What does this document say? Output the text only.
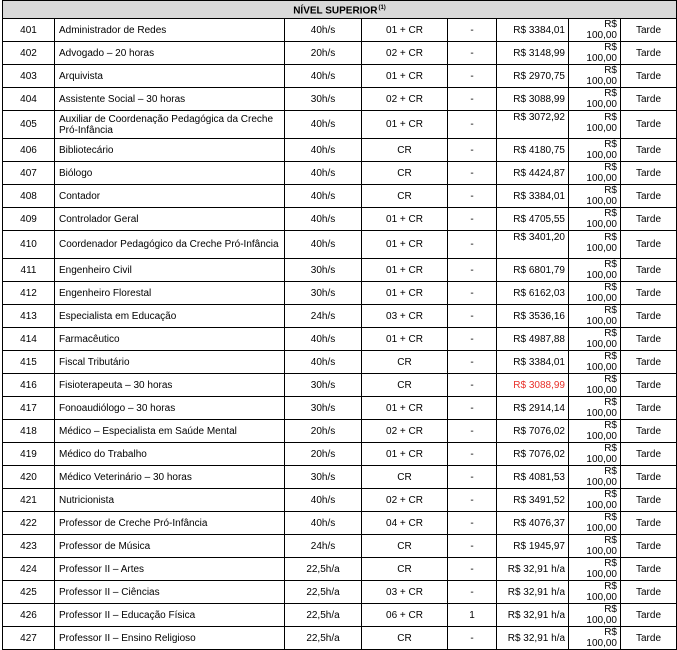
NÍVEL SUPERIOR$^{(1)}$
401	Administrador de Redes	40h/s	01 + CR	-	R$ 3384,01	R$ 100,00	Tarde
402	Advogado – 20 horas	20h/s	02 + CR	-	R$ 3148,99	R$ 100,00	Tarde
403	Arquivista	40h/s	01 + CR	-	R$ 2970,75	R$ 100,00	Tarde
404	Assistente Social – 30 horas	30h/s	02 + CR	-	R$ 3088,99	R$ 100,00	Tarde
405	Auxiliar de Coordenação Pedagógica da Creche Pró-Infância	40h/s	01 + CR	-	R$ 3072,92	R$ 100,00	Tarde
406	Bibliotecário	40h/s	CR	-	R$ 4180,75	R$ 100,00	Tarde
407	Biólogo	40h/s	CR	-	R$ 4424,87	R$ 100,00	Tarde
408	Contador	40h/s	CR	-	R$ 3384,01	R$ 100,00	Tarde
409	Controlador Geral	40h/s	01 + CR	-	R$ 4705,55	R$ 100,00	Tarde
410	Coordenador Pedagógico da Creche Pró-Infância	40h/s	01 + CR	-	R$ 3401,20	R$ 100,00	Tarde
411	Engenheiro Civil	30h/s	01 + CR	-	R$ 6801,79	R$ 100,00	Tarde
412	Engenheiro Florestal	30h/s	01 + CR	-	R$ 6162,03	R$ 100,00	Tarde
413	Especialista em Educação	24h/s	03 + CR	-	R$ 3536,16	R$ 100,00	Tarde
414	Farmacêutico	40h/s	01 + CR	-	R$ 4987,88	R$ 100,00	Tarde
415	Fiscal Tributário	40h/s	CR	-	R$ 3384,01	R$ 100,00	Tarde
416	Fisioterapeuta – 30 horas	30h/s	CR	-	R$ 3088,99	R$ 100,00	Tarde
417	Fonoaudiólogo – 30 horas	30h/s	01 + CR	-	R$ 2914,14	R$ 100,00	Tarde
418	Médico – Especialista em Saúde Mental	20h/s	02 + CR	-	R$ 7076,02	R$ 100,00	Tarde
419	Médico do Trabalho	20h/s	01 + CR	-	R$ 7076,02	R$ 100,00	Tarde
420	Médico Veterinário – 30 horas	30h/s	CR	-	R$ 4081,53	R$ 100,00	Tarde
421	Nutricionista	40h/s	02 + CR	-	R$ 3491,52	R$ 100,00	Tarde
422	Professor de Creche Pró-Infância	40h/s	04 + CR	-	R$ 4076,37	R$ 100,00	Tarde
423	Professor de Música	24h/s	CR	-	R$ 1945,97	R$ 100,00	Tarde
424	Professor II – Artes	22,5h/a	CR	-	R$ 32,91 h/a	R$ 100,00	Tarde
425	Professor II – Ciências	22,5h/a	03 + CR	-	R$ 32,91 h/a	R$ 100,00	Tarde
426	Professor II – Educação Física	22,5h/a	06 + CR	1	R$ 32,91 h/a	R$ 100,00	Tarde
427	Professor II – Ensino Religioso	22,5h/a	CR	-	R$ 32,91 h/a	R$ 100,00	Tarde
